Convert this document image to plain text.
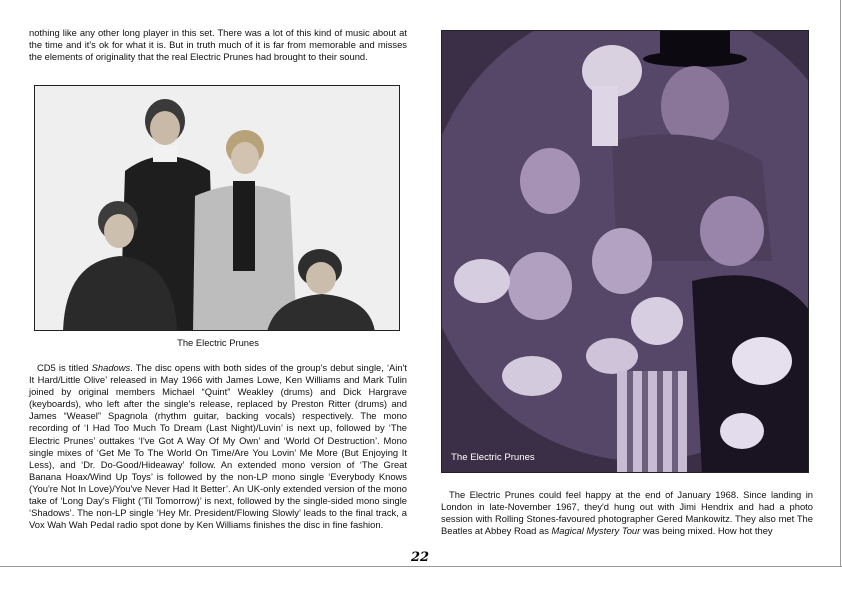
nothing like any other long player in this set. There was a lot of this kind of music about at the time and it's ok for what it is. But in truth much of it is far from memorable and misses the elements of originality that the real Electric Prunes had brought to their sound.

The Electric Prunes

CD5 is titled Shadows. The disc opens with both sides of the group's debut single, ‘Ain't It Hard/Little Olive’ released in May 1966 with James Lowe, Ken Williams and Mark Tulin joined by original members Michael “Quint” Weakley (drums) and Dick Hargrave (keyboards), who left after the single's release, replaced by Preston Ritter (drums) and James “Weasel” Spagnola (rhythm guitar, backing vocals) respectively. The mono recording of ‘I Had Too Much To Dream (Last Night)/Luvin’ is next up, followed by ‘The Electric Prunes’ outtakes ‘I've Got A Way Of My Own’ and ‘World Of Destruction’. Mono single mixes of ‘Get Me To The World On Time/Are You Lovin’ Me More (But Enjoying It Less), and ‘Dr. Do-Good/Hideaway’ follow. An extended mono version of ‘The Great Banana Hoax/Wind Up Toys’ is followed by the non-LP mono single ‘Everybody Knows (You're Not In Love)/You've Never Had It Better’. An UK-only extended version of the mono take of ‘Long Day's Flight (‘Til Tomorrow)’ is next, followed by the single-sided mono single ‘Shadows’. The non-LP single ‘Hey Mr. President/Flowing Slowly’ leads to the final track, a Vox Wah Wah Pedal radio spot done by Ken Williams finishes the disc in fine fashion.

The Electric Prunes

The Electric Prunes could feel happy at the end of January 1968. Since landing in London in late-November 1967, they'd hung out with Jimi Hendrix and had a photo session with Rolling Stones-favoured photographer Gered Mankowitz. They also met The Beatles at Abbey Road as Magical Mystery Tour was being mixed. How hot they

22
